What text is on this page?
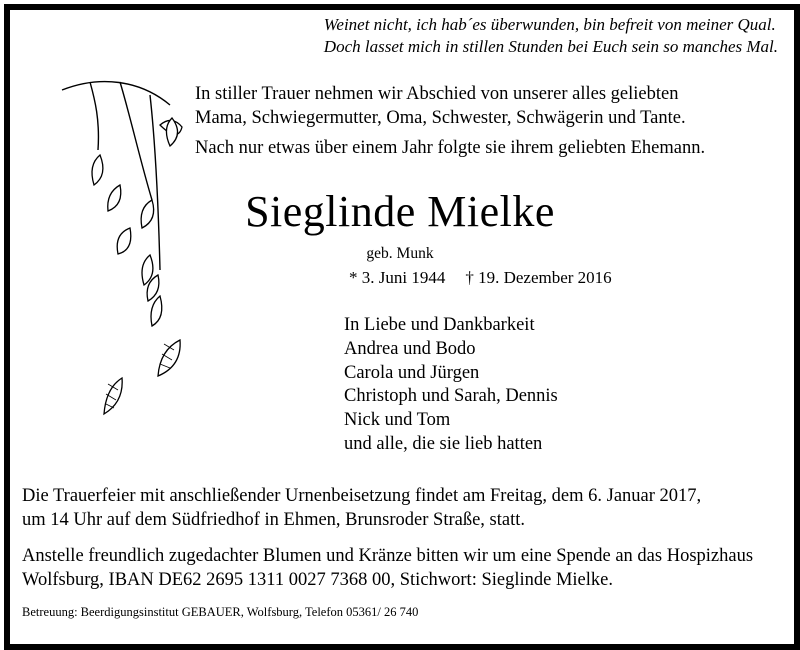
Weinet nicht, ich hab´es überwunden, bin befreit von meiner Qual.
Doch lasset mich in stillen Stunden bei Euch sein so manches Mal.

In stiller Trauer nehmen wir Abschied von unserer alles geliebten
Mama, Schwiegermutter, Oma, Schwester, Schwägerin und Tante.

Nach nur etwas über einem Jahr folgte sie ihrem geliebten Ehemann.

Sieglinde Mielke
geb. Munk
* 3. Juni 1944 † 19. Dezember 2016
In Liebe und Dankbarkeit
Andrea und Bodo
Carola und Jürgen
Christoph und Sarah, Dennis
Nick und Tom
und alle, die sie lieb hatten

Die Trauerfeier mit anschließender Urnenbeisetzung findet am Freitag, dem 6. Januar 2017,

um 14 Uhr auf dem Südfriedhof in Ehmen, Brunsroder Straße, statt.

Anstelle freundlich zugedachter Blumen und Kränze bitten wir um eine Spende an das Hospizhaus

Wolfsburg, IBAN DE62 2695 1311 0027 7368 00, Stichwort: Sieglinde Mielke.

Betreuung: Beerdigungsinstitut GEBAUER, Wolfsburg, Telefon 05361/ 26 740
